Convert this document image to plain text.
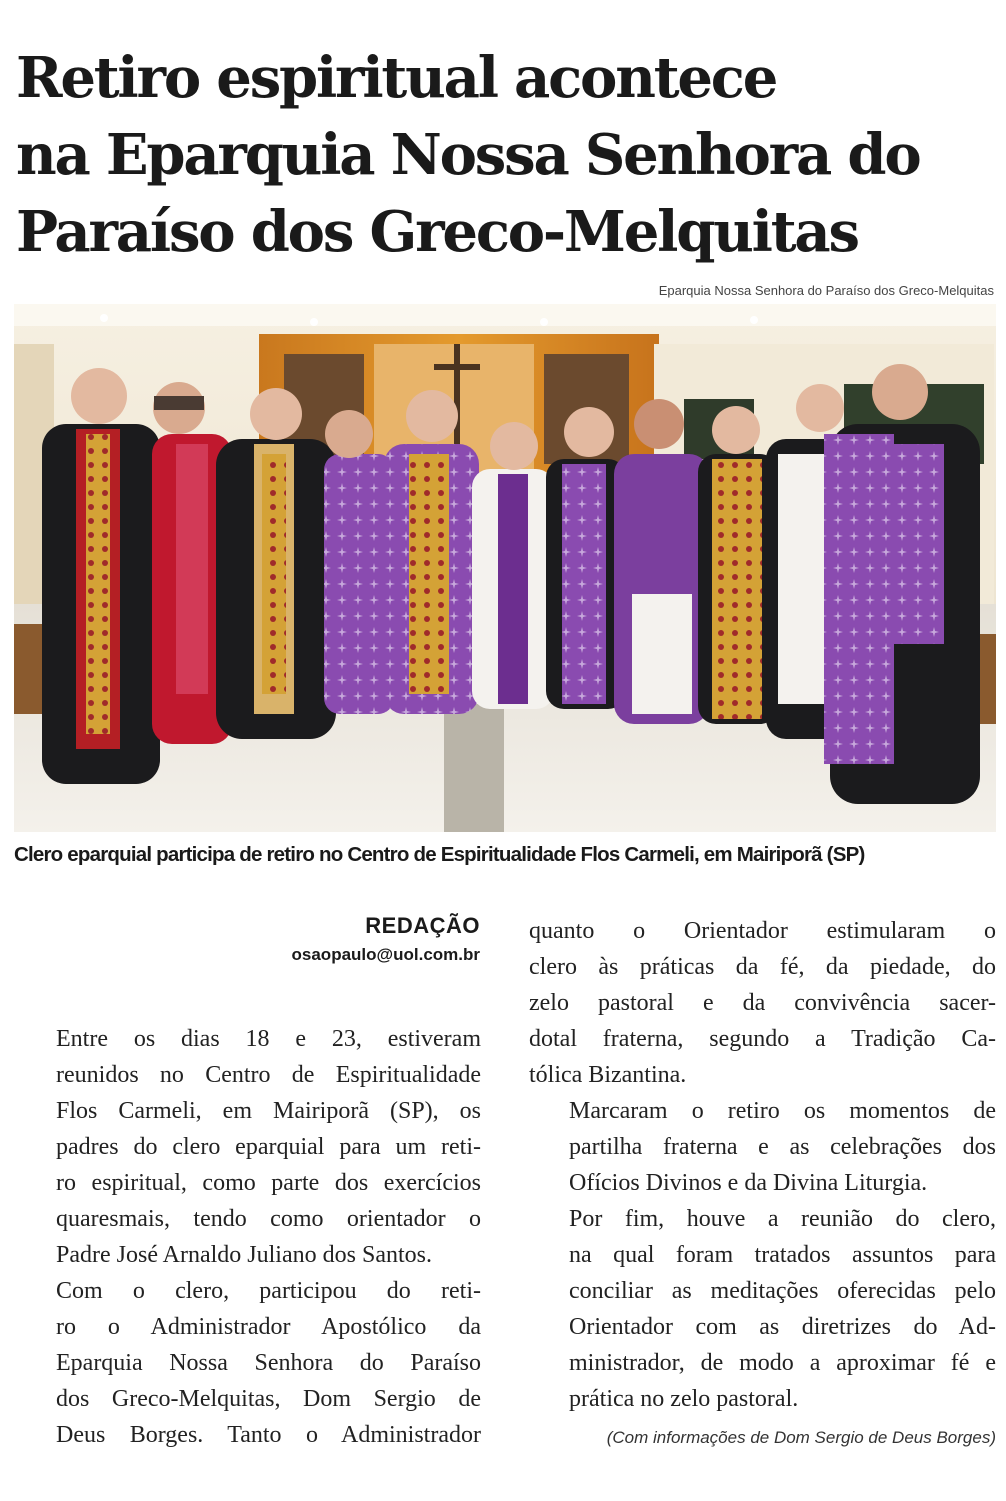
Retiro espiritual acontece
na Eparquia Nossa Senhora do
Paraíso dos Greco-Melquitas
Eparquia Nossa Senhora do Paraíso dos Greco-Melquitas
Clero eparquial participa de retiro no Centro de Espiritualidade Flos Carmeli, em Mairiporã (SP)
REDAÇÃO
osaopaulo@uol.com.br

Entre os dias 18 e 23, estiveram
reunidos no Centro de Espiritualidade
Flos Carmeli, em Mairiporã (SP), os
padres do clero eparquial para um reti-
ro espiritual, como parte dos exercícios
quaresmais, tendo como orientador o
Padre José Arnaldo Juliano dos Santos.

Com o clero, participou do reti-
ro o Administrador Apostólico da
Eparquia Nossa Senhora do Paraíso
dos Greco-Melquitas, Dom Sergio de
Deus Borges. Tanto o Administrador

quanto o Orientador estimularam o
clero às práticas da fé, da piedade, do
zelo pastoral e da convivência sacer-
dotal fraterna, segundo a Tradição Ca-
tólica Bizantina.

Marcaram o retiro os momentos de
partilha fraterna e as celebrações dos
Ofícios Divinos e da Divina Liturgia.

Por fim, houve a reunião do clero,
na qual foram tratados assuntos para
conciliar as meditações oferecidas pelo
Orientador com as diretrizes do Ad-
ministrador, de modo a aproximar fé e
prática no zelo pastoral.

(Com informações de Dom Sergio de Deus Borges)
